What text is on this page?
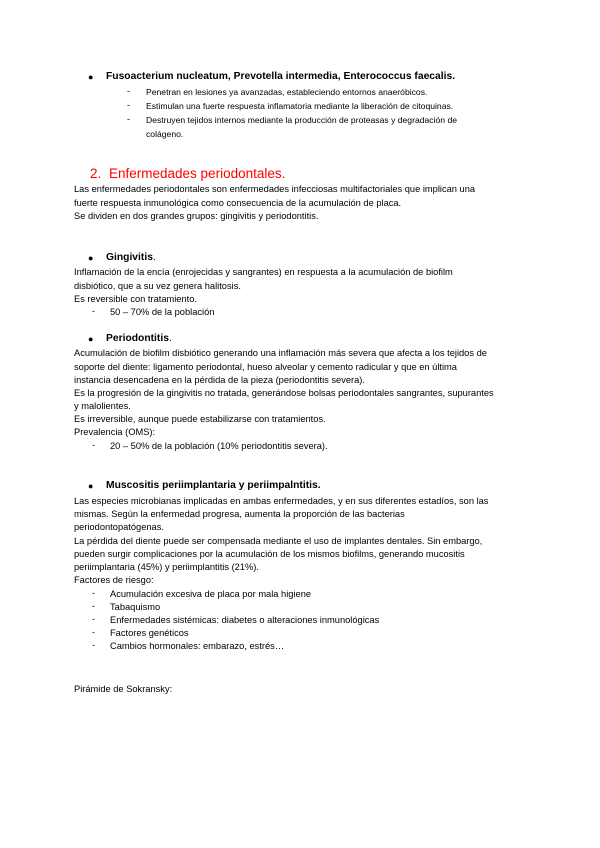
● Fusoacterium nucleatum, Prevotella intermedia, Enterococcus faecalis.
- Penetran en lesiones ya avanzadas, estableciendo entornos anaeróbicos.
- Estimulan una fuerte respuesta inflamatoria mediante la liberación de citoquinas.
- Destruyen tejidos internos mediante la producción de proteasas y degradación de
colágeno.
2. Enfermedades periodontales.
Las enfermedades periodontales son enfermedades infecciosas multifactoriales que implican una
fuerte respuesta inmunológica como consecuencia de la acumulación de placa.
Se dividen en dos grandes grupos: gingivitis y periodontitis.
● Gingivitis.
Inflamación de la encía (enrojecidas y sangrantes) en respuesta a la acumulación de biofilm
disbiótico, que a su vez genera halitosis.
Es reversible con tratamiento.
- 50 – 70% de la población
● Periodontitis.
Acumulación de biofilm disbiótico generando una inflamación más severa que afecta a los tejidos de
soporte del diente: ligamento periodontal, hueso alveolar y cemento radicular y que en última
instancia desencadena en la pérdida de la pieza (periodontitis severa).
Es la progresión de la gingivitis no tratada, generándose bolsas periodontales sangrantes, supurantes
y malolientes.
Es irreversible, aunque puede estabilizarse con tratamientos.
Prevalencia (OMS):
- 20 – 50% de la población (10% periodontitis severa).
● Muscositis periimplantaria y periimpalntitis.
Las especies microbianas implicadas en ambas enfermedades, y en sus diferentes estadíos, son las
mismas. Según la enfermedad progresa, aumenta la proporción de las bacterias
periodontopatógenas.
La pérdida del diente puede ser compensada mediante el uso de implantes dentales. Sin embargo,
pueden surgir complicaciones por la acumulación de los mismos biofilms, generando mucositis
periimplantaria (45%) y periimplantitis (21%).
Factores de riesgo:
- Acumulación excesiva de placa por mala higiene
- Tabaquismo
- Enfermedades sistémicas: diabetes o alteraciones inmunológicas
- Factores genéticos
- Cambios hormonales: embarazo, estrés…
Pirámide de Sokransky:
